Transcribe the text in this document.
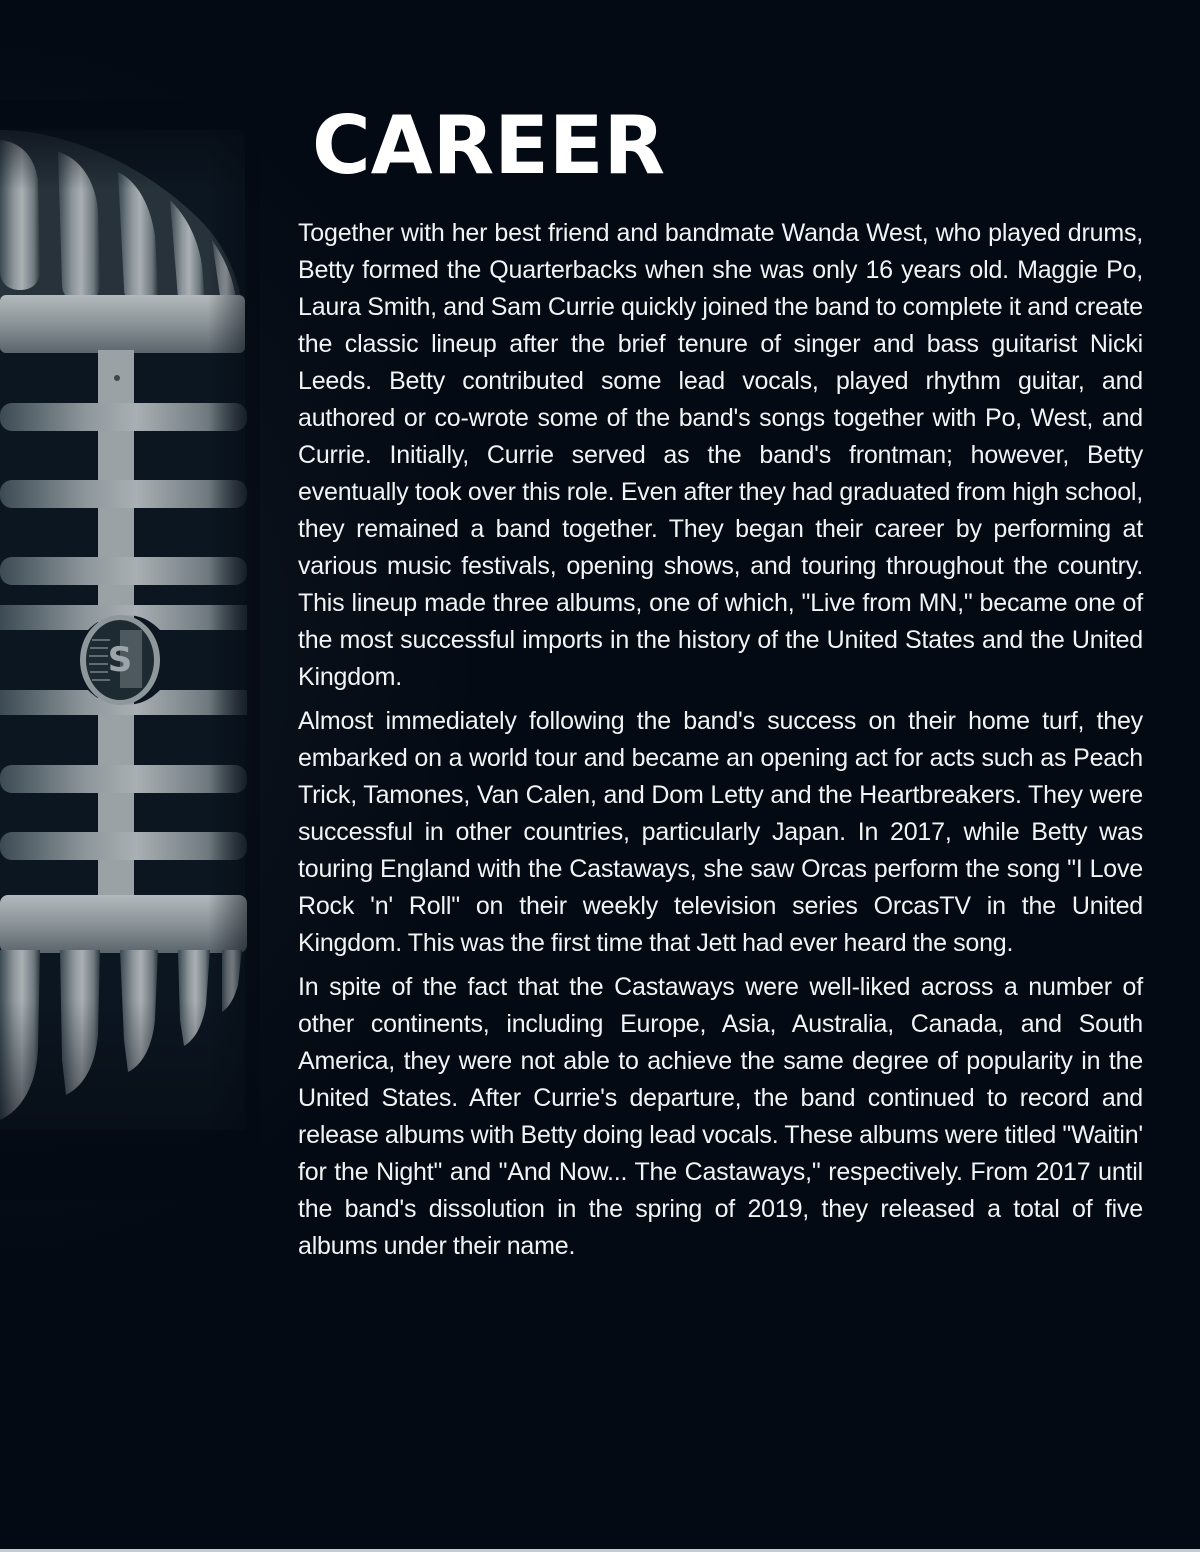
CAREER

Together with her best friend and bandmate Wanda West, who played drums, Betty formed the Quarterbacks when she was only 16 years old. Maggie Po, Laura Smith, and Sam Currie quickly joined the band to complete it and create the classic lineup after the brief tenure of singer and bass guitarist Nicki Leeds. Betty contributed some lead vocals, played rhythm guitar, and authored or co-wrote some of the band's songs together with Po, West, and Currie. Initially, Currie served as the band's frontman; however, Betty eventually took over this role. Even after they had graduated from high school, they remained a band together. They began their career by performing at various music festivals, opening shows, and touring throughout the country. This lineup made three albums, one of which, "Live from MN," became one of the most successful imports in the history of the United States and the United Kingdom.

Almost immediately following the band's success on their home turf, they embarked on a world tour and became an opening act for acts such as Peach Trick, Tamones, Van Calen, and Dom Letty and the Heartbreakers. They were successful in other countries, particularly Japan. In 2017, while Betty was touring England with the Castaways, she saw Orcas perform the song "I Love Rock 'n' Roll" on their weekly television series OrcasTV in the United Kingdom. This was the first time that Jett had ever heard the song.

In spite of the fact that the Castaways were well-liked across a number of other continents, including Europe, Asia, Australia, Canada, and South America, they were not able to achieve the same degree of popularity in the United States. After Currie's departure, the band continued to record and release albums with Betty doing lead vocals. These albums were titled "Waitin' for the Night" and "And Now... The Castaways," respectively. From 2017 until the band's dissolution in the spring of 2019, they released a total of five albums under their name.
